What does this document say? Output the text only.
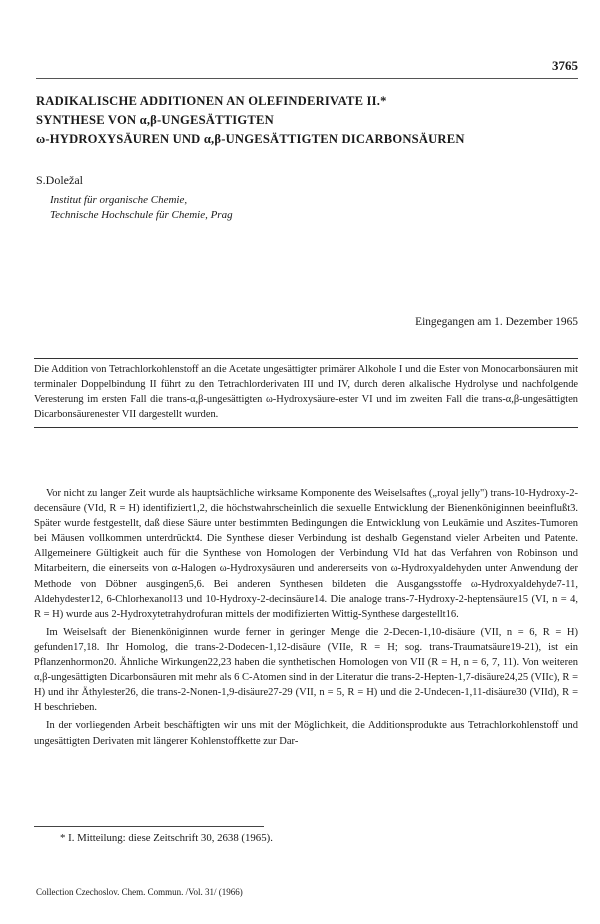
3765
RADIKALISCHE ADDITIONEN AN OLEFINDERIVATE II.*
SYNTHESE VON α,β-UNGESÄTTIGTEN
ω-HYDROXYSÄUREN UND α,β-UNGESÄTTIGTEN DICARBONSÄUREN
S.Doležal
Institut für organische Chemie,
Technische Hochschule für Chemie, Prag
Eingegangen am 1. Dezember 1965
Die Addition von Tetrachlorkohlenstoff an die Acetate ungesättigter primärer Alkohole I und die Ester von Monocarbonsäuren mit terminaler Doppelbindung II führt zu den Tetrachlorderivaten III und IV, durch deren alkalische Hydrolyse und nachfolgende Veresterung im ersten Fall die trans-α,β-ungesättigten ω-Hydroxysäure-ester VI und im zweiten Fall die trans-α,β-ungesättigten Dicarbonsäurenester VII dargestellt wurden.

Vor nicht zu langer Zeit wurde als hauptsächliche wirksame Komponente des Weiselsaftes („royal jelly") trans-10-Hydroxy-2-decensäure (VId, R = H) identifiziert1,2, die höchstwahrscheinlich die sexuelle Entwicklung der Bienenköniginnen beeinflußt3. Später wurde festgestellt, daß diese Säure unter bestimmten Bedingungen die Entwicklung von Leukämie und Aszites-Tumoren bei Mäusen vollkommen unterdrückt4. Die Synthese dieser Verbindung ist deshalb Gegenstand vieler Arbeiten und Patente. Allgemeinere Gültigkeit auch für die Synthese von Homologen der Verbindung VId hat das Verfahren von Robinson und Mitarbeitern, die einerseits von α-Halogen ω-Hydroxysäuren und andererseits von ω-Hydroxyaldehyden unter Anwendung der Methode von Döbner ausgingen5,6. Bei anderen Synthesen bildeten die Ausgangsstoffe ω-Hydroxyaldehyde7-11, Aldehydester12, 6-Chlorhexanol13 und 10-Hydroxy-2-decinsäure14. Die analoge trans-7-Hydroxy-2-heptensäure15 (VI, n = 4, R = H) wurde aus 2-Hydroxytetrahydrofuran mittels der modifizierten Wittig-Synthese dargestellt16.

Im Weiselsaft der Bienenköniginnen wurde ferner in geringer Menge die 2-Decen-1,10-disäure (VII, n = 6, R = H) gefunden17,18. Ihr Homolog, die trans-2-Dodecen-1,12-disäure (VIIe, R = H; sog. trans-Traumatsäure19-21), ist ein Pflanzenhormon20. Ähnliche Wirkungen22,23 haben die synthetischen Homologen von VII (R = H, n = 6, 7, 11). Von weiteren α,β-ungesättigten Dicarbonsäuren mit mehr als 6 C-Atomen sind in der Literatur die trans-2-Hepten-1,7-disäure24,25 (VIIc), R = H) und ihr Äthylester26, die trans-2-Nonen-1,9-disäure27-29 (VII, n = 5, R = H) und die 2-Undecen-1,11-disäure30 (VIId), R = H beschrieben.

In der vorliegenden Arbeit beschäftigten wir uns mit der Möglichkeit, die Additionsprodukte aus Tetrachlorkohlenstoff und ungesättigten Derivaten mit längerer Kohlenstoffkette zur Dar-

* I. Mitteilung: diese Zeitschrift 30, 2638 (1965).
Collection Czechoslov. Chem. Commun. /Vol. 31/ (1966)
